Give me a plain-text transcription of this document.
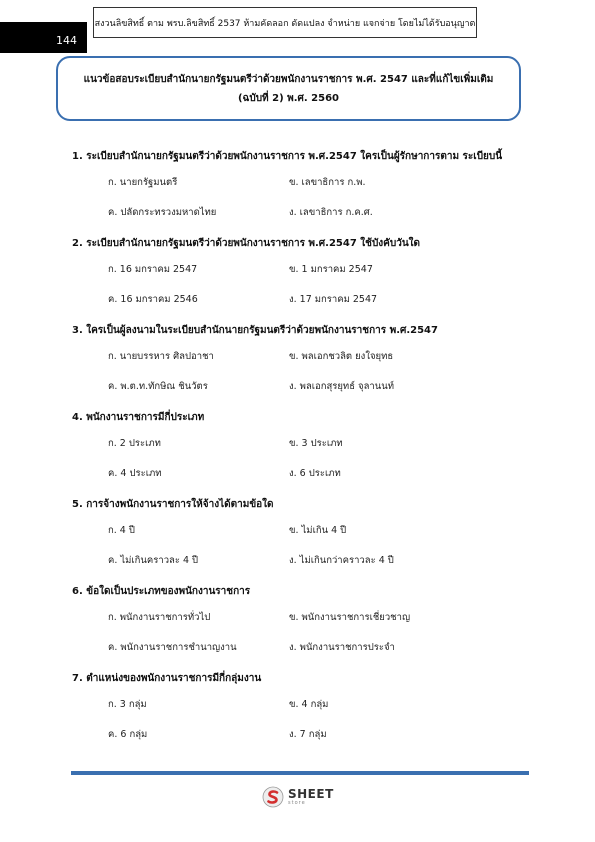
144
สงวนลิขสิทธิ์ ตาม พรบ.ลิขสิทธิ์ 2537 ห้ามคัดลอก ดัดแปลง จำหน่าย แจกจ่าย โดยไม่ได้รับอนุญาต
แนวข้อสอบระเบียบสำนักนายกรัฐมนตรีว่าด้วยพนักงานราชการ พ.ศ. 2547 และที่แก้ไขเพิ่มเติม
(ฉบับที่ 2) พ.ศ. 2560
1. ระเบียบสำนักนายกรัฐมนตรีว่าด้วยพนักงานราชการ พ.ศ.2547 ใครเป็นผู้รักษาการตาม ระเบียบนี้
ก. นายกรัฐมนตรี	ข. เลขาธิการ ก.พ.
ค. ปลัดกระทรวงมหาดไทย	ง. เลขาธิการ ก.ค.ศ.
2. ระเบียบสำนักนายกรัฐมนตรีว่าด้วยพนักงานราชการ พ.ศ.2547 ใช้บังคับวันใด
ก. 16 มกราคม 2547	ข. 1 มกราคม 2547
ค. 16 มกราคม 2546	ง. 17 มกราคม 2547
3. ใครเป็นผู้ลงนามในระเบียบสำนักนายกรัฐมนตรีว่าด้วยพนักงานราชการ พ.ศ.2547
ก. นายบรรหาร ศิลปอาชา	ข. พลเอกชวลิต ยงใจยุทธ
ค. พ.ต.ท.ทักษิณ ชินวัตร	ง. พลเอกสุรยุทธ์ จุลานนท์
4. พนักงานราชการมีกี่ประเภท
ก. 2 ประเภท	ข. 3 ประเภท
ค. 4 ประเภท	ง. 6 ประเภท
5. การจ้างพนักงานราชการให้จ้างได้ตามข้อใด
ก. 4 ปี	ข. ไม่เกิน 4 ปี
ค. ไม่เกินคราวละ 4 ปี	ง. ไม่เกินกว่าคราวละ 4 ปี
6. ข้อใดเป็นประเภทของพนักงานราชการ
ก. พนักงานราชการทั่วไป	ข. พนักงานราชการเชี่ยวชาญ
ค. พนักงานราชการชำนาญงาน	ง. พนักงานราชการประจำ
7. ตำแหน่งของพนักงานราชการมีกี่กลุ่มงาน
ก. 3 กลุ่ม	ข. 4 กลุ่ม
ค. 6 กลุ่ม	ง. 7 กลุ่ม
SHEET
store
